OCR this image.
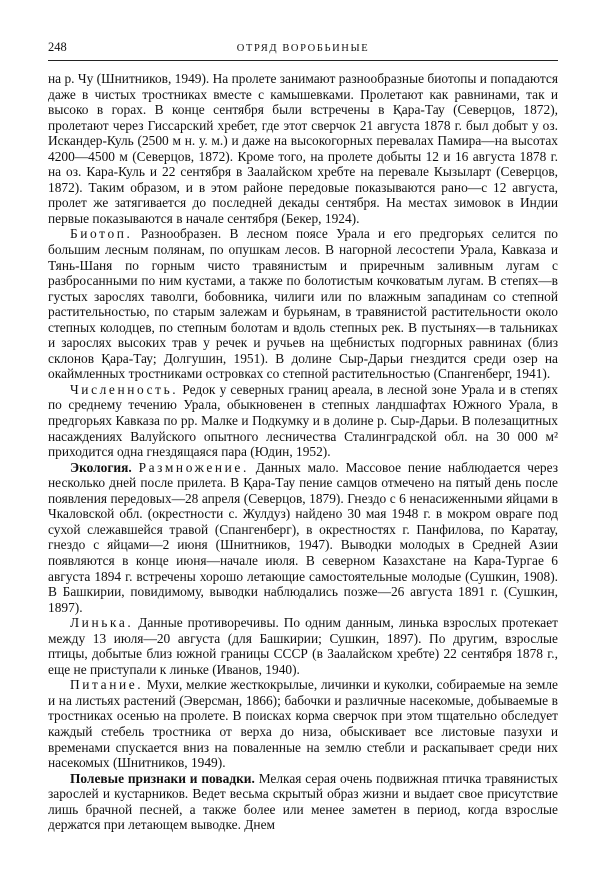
248	ОТРЯД ВОРОБЬИНЫЕ

на р. Чу (Шнитников, 1949). На пролете занимают разнообразные биотопы и попадаются даже в чистых тростниках вместе с камышевками. Пролетают как равнинами, так и высоко в горах. В конце сентября были встречены в Қара-Тау (Северцов, 1872), пролетают через Гиссарский хребет, где этот сверчок 21 августа 1878 г. был добыт у оз. Искандер-Куль (2500 м н. у. м.) и даже на высокогорных перевалах Памира—на высотах 4200—4500 м (Северцов, 1872). Кроме того, на пролете добыты 12 и 16 августа 1878 г. на оз. Кара-Куль и 22 сентября в Заалайском хребте на перевале Кызыларт (Северцов, 1872). Таким образом, и в этом районе передовые показываются рано—с 12 августа, пролет же затягивается до последней декады сентября. На местах зимовок в Индии первые показываются в начале сентября (Бекер, 1924).

Биотоп. Разнообразен. В лесном поясе Урала и его предгорьях селится по большим лесным полянам, по опушкам лесов. В нагорной лесостепи Урала, Кавказа и Тянь-Шаня по горным чисто травянистым и приречным заливным лугам с разбросанными по ним кустами, а также по болотистым кочковатым лугам. В степях—в густых зарослях таволги, бобовника, чилиги или по влажным западинам со степной растительностью, по старым залежам и бурьянам, в травянистой растительности около степных колодцев, по степным болотам и вдоль степных рек. В пустынях—в тальниках и зарослях высоких трав у речек и ручьев на щебнистых подгорных равнинах (близ склонов Қара-Тау; Долгушин, 1951). В долине Сыр-Дарьи гнездится среди озер на окаймленных тростниками островках со степной растительностью (Спангенберг, 1941).

Численность. Редок у северных границ ареала, в лесной зоне Урала и в степях по среднему течению Урала, обыкновенен в степных ландшафтах Южного Урала, в предгорьях Кавказа по рр. Малке и Подкумку и в долине р. Сыр-Дарьи. В полезащитных насаждениях Валуйского опытного лесничества Сталинградской обл. на 30 000 м² приходится одна гнездящаяся пара (Юдин, 1952).

Экология. Размножение. Данных мало. Массовое пение наблюдается через несколько дней после прилета. В Қара-Тау пение самцов отмечено на пятый день после появления передовых—28 апреля (Северцов, 1879). Гнездо с 6 ненасиженными яйцами в Чкаловской обл. (окрестности с. Жулдуз) найдено 30 мая 1948 г. в мокром овраге под сухой слежавшейся травой (Спангенберг), в окрестностях г. Панфилова, по Каратау, гнездо с яйцами—2 июня (Шнитников, 1947). Выводки молодых в Средней Азии появляются в конце июня—начале июля. В северном Казахстане на Кара-Тургае 6 августа 1894 г. встречены хорошо летающие самостоятельные молодые (Сушкин, 1908). В Башкирии, повидимому, выводки наблюдались позже—26 августа 1891 г. (Сушкин, 1897).

Линька. Данные противоречивы. По одним данным, линька взрослых протекает между 13 июля—20 августа (для Башкирии; Сушкин, 1897). По другим, взрослые птицы, добытые близ южной границы СССР (в Заалайском хребте) 22 сентября 1878 г., еще не приступали к линьке (Иванов, 1940).

Питание. Мухи, мелкие жесткокрылые, личинки и куколки, собираемые на земле и на листьях растений (Эверсман, 1866); бабочки и различные насекомые, добываемые в тростниках осенью на пролете. В поисках корма сверчок при этом тщательно обследует каждый стебель тростника от верха до низа, обыскивает все листовые пазухи и временами спускается вниз на поваленные на землю стебли и раскапывает среди них насекомых (Шнитников, 1949).

Полевые признаки и повадки. Мелкая серая очень подвижная птичка травянистых зарослей и кустарников. Ведет весьма скрытый образ жизни и выдает свое присутствие лишь брачной песней, а также более или менее заметен в период, когда взрослые держатся при летающем выводке. Днем
